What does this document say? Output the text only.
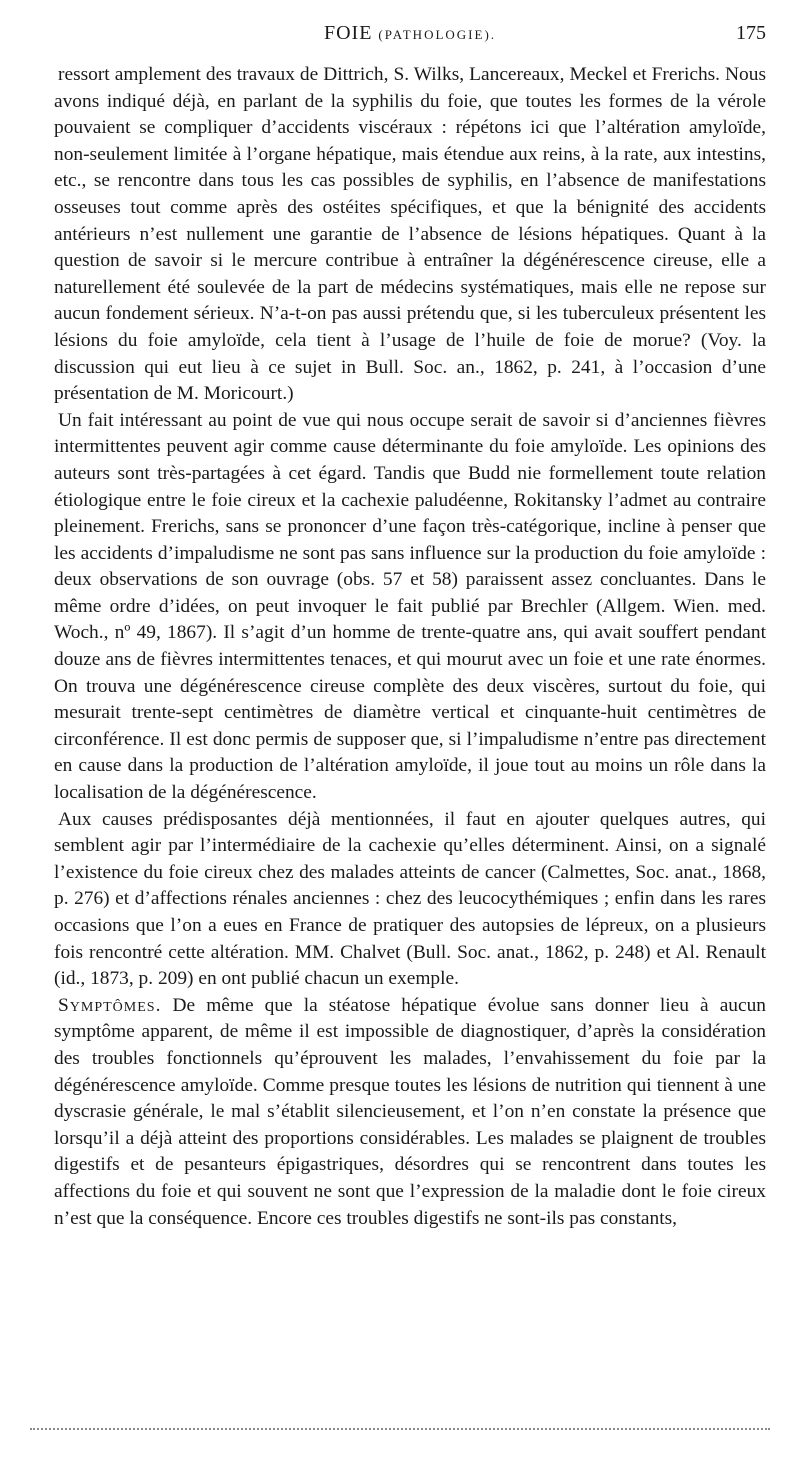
FOIE (PATHOLOGIE).	175

ressort amplement des travaux de Dittrich, S. Wilks, Lancereaux, Meckel et Frerichs. Nous avons indiqué déjà, en parlant de la syphilis du foie, que toutes les formes de la vérole pouvaient se compliquer d’accidents viscéraux : répétons ici que l’altération amyloïde, non-seulement limitée à l’organe hépatique, mais étendue aux reins, à la rate, aux intestins, etc., se rencontre dans tous les cas possibles de syphilis, en l’absence de manifestations osseuses tout comme après des ostéites spécifiques, et que la bénignité des accidents antérieurs n’est nullement une garantie de l’absence de lésions hépatiques. Quant à la question de savoir si le mercure contribue à entraîner la dégénérescence cireuse, elle a naturellement été soulevée de la part de médecins systématiques, mais elle ne repose sur aucun fondement sérieux. N’a-t-on pas aussi prétendu que, si les tuberculeux présentent les lésions du foie amyloïde, cela tient à l’usage de l’huile de foie de morue? (Voy. la discussion qui eut lieu à ce sujet in Bull. Soc. an., 1862, p. 241, à l’occasion d’une présentation de M. Moricourt.)

Un fait intéressant au point de vue qui nous occupe serait de savoir si d’anciennes fièvres intermittentes peuvent agir comme cause déterminante du foie amyloïde. Les opinions des auteurs sont très-partagées à cet égard. Tandis que Budd nie formellement toute relation étiologique entre le foie cireux et la cachexie paludéenne, Rokitansky l’admet au contraire pleinement. Frerichs, sans se prononcer d’une façon très-catégorique, incline à penser que les accidents d’impaludisme ne sont pas sans influence sur la production du foie amyloïde : deux observations de son ouvrage (obs. 57 et 58) paraissent assez concluantes. Dans le même ordre d’idées, on peut invoquer le fait publié par Brechler (Allgem. Wien. med. Woch., nº 49, 1867). Il s’agit d’un homme de trente-quatre ans, qui avait souffert pendant douze ans de fièvres intermittentes tenaces, et qui mourut avec un foie et une rate énormes. On trouva une dégénérescence cireuse complète des deux viscères, surtout du foie, qui mesurait trente-sept centimètres de diamètre vertical et cinquante-huit centimètres de circonférence. Il est donc permis de supposer que, si l’impaludisme n’entre pas directement en cause dans la production de l’altération amyloïde, il joue tout au moins un rôle dans la localisation de la dégénérescence.

Aux causes prédisposantes déjà mentionnées, il faut en ajouter quelques autres, qui semblent agir par l’intermédiaire de la cachexie qu’elles déterminent. Ainsi, on a signalé l’existence du foie cireux chez des malades atteints de cancer (Calmettes, Soc. anat., 1868, p. 276) et d’affections rénales anciennes : chez des leucocythémiques ; enfin dans les rares occasions que l’on a eues en France de pratiquer des autopsies de lépreux, on a plusieurs fois rencontré cette altération. MM. Chalvet (Bull. Soc. anat., 1862, p. 248) et Al. Renault (id., 1873, p. 209) en ont publié chacun un exemple.

Symptômes. De même que la stéatose hépatique évolue sans donner lieu à aucun symptôme apparent, de même il est impossible de diagnostiquer, d’après la considération des troubles fonctionnels qu’éprouvent les malades, l’envahissement du foie par la dégénérescence amyloïde. Comme presque toutes les lésions de nutrition qui tiennent à une dyscrasie générale, le mal s’établit silencieusement, et l’on n’en constate la présence que lorsqu’il a déjà atteint des proportions considérables. Les malades se plaignent de troubles digestifs et de pesanteurs épigastriques, désordres qui se rencontrent dans toutes les affections du foie et qui souvent ne sont que l’expression de la maladie dont le foie cireux n’est que la conséquence. Encore ces troubles digestifs ne sont-ils pas constants,
